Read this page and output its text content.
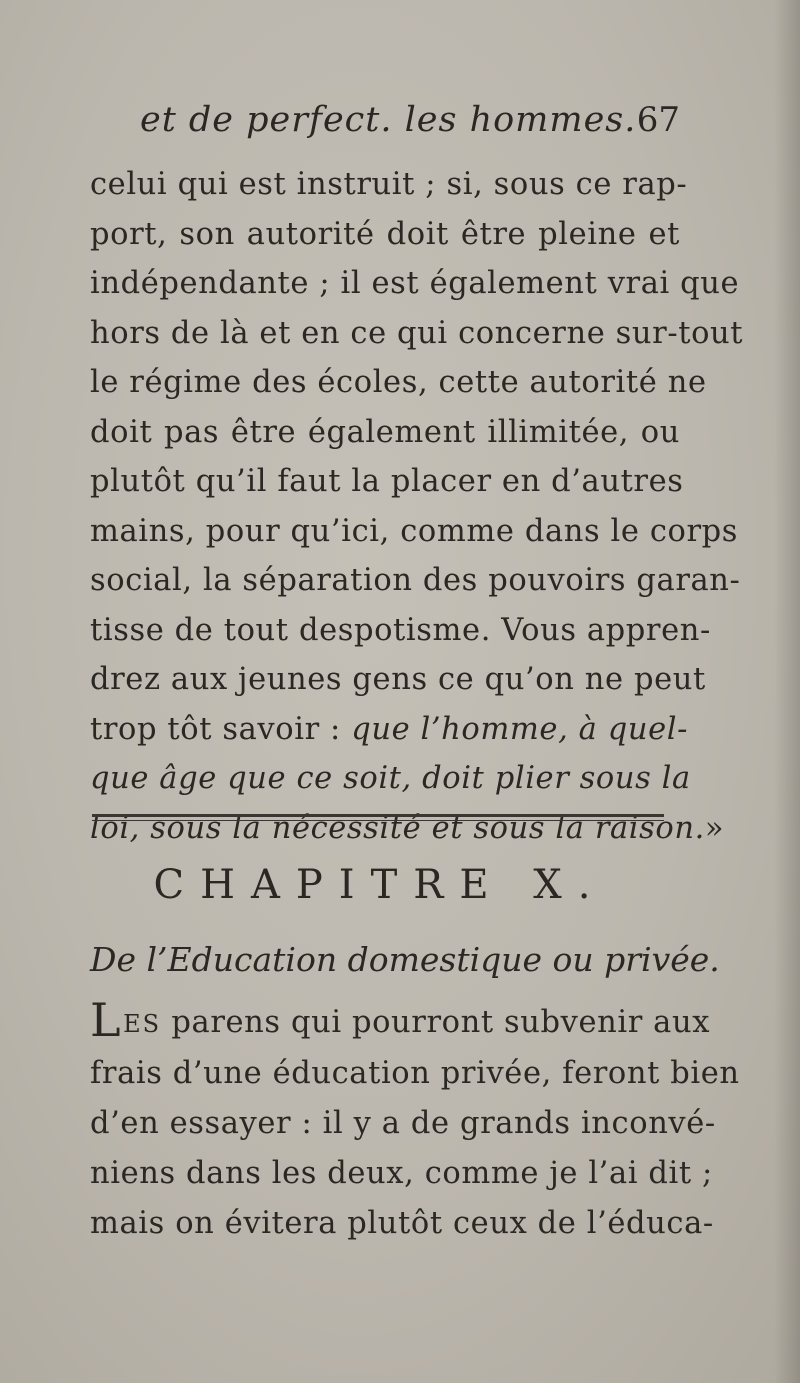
et de perfect. les hommes. 67
celui qui est instruit ; si, sous ce rap-
port, son autorité doit être pleine et
indépendante ; il est également vrai que
hors de là et en ce qui concerne sur-tout
le régime des écoles, cette autorité ne
doit pas être également illimitée, ou
plutôt qu’il faut la placer en d’autres
mains, pour qu’ici, comme dans le corps
social, la séparation des pouvoirs garan-
tisse de tout despotisme. Vous appren-
drez aux jeunes gens ce qu’on ne peut
trop tôt savoir : que l’homme, à quel-
que âge que ce soit, doit plier sous la
loi, sous la nécessité et sous la raison.»
CHAPITRE X.
De l’Education domestique ou privée.
LES parens qui pourront subvenir aux
frais d’une éducation privée, feront bien
d’en essayer : il y a de grands inconvé-
niens dans les deux, comme je l’ai dit ;
mais on évitera plutôt ceux de l’éduca-
